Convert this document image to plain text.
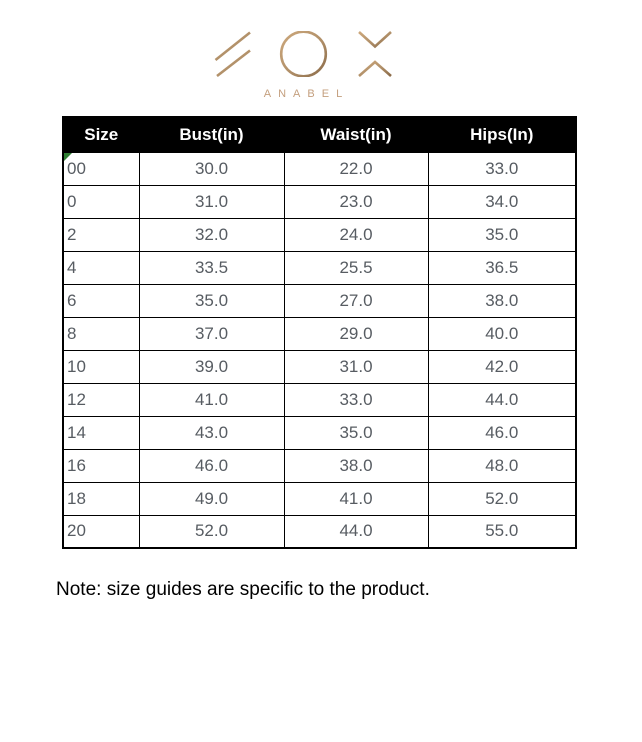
ANABEL
Size	Bust(in)	Waist(in)	Hips(In)

00	30.0	22.0	33.0
0	31.0	23.0	34.0
2	32.0	24.0	35.0
4	33.5	25.5	36.5
6	35.0	27.0	38.0
8	37.0	29.0	40.0
10	39.0	31.0	42.0
12	41.0	33.0	44.0
14	43.0	35.0	46.0
16	46.0	38.0	48.0
18	49.0	41.0	52.0
20	52.0	44.0	55.0
Note: size guides are specific to the product.
